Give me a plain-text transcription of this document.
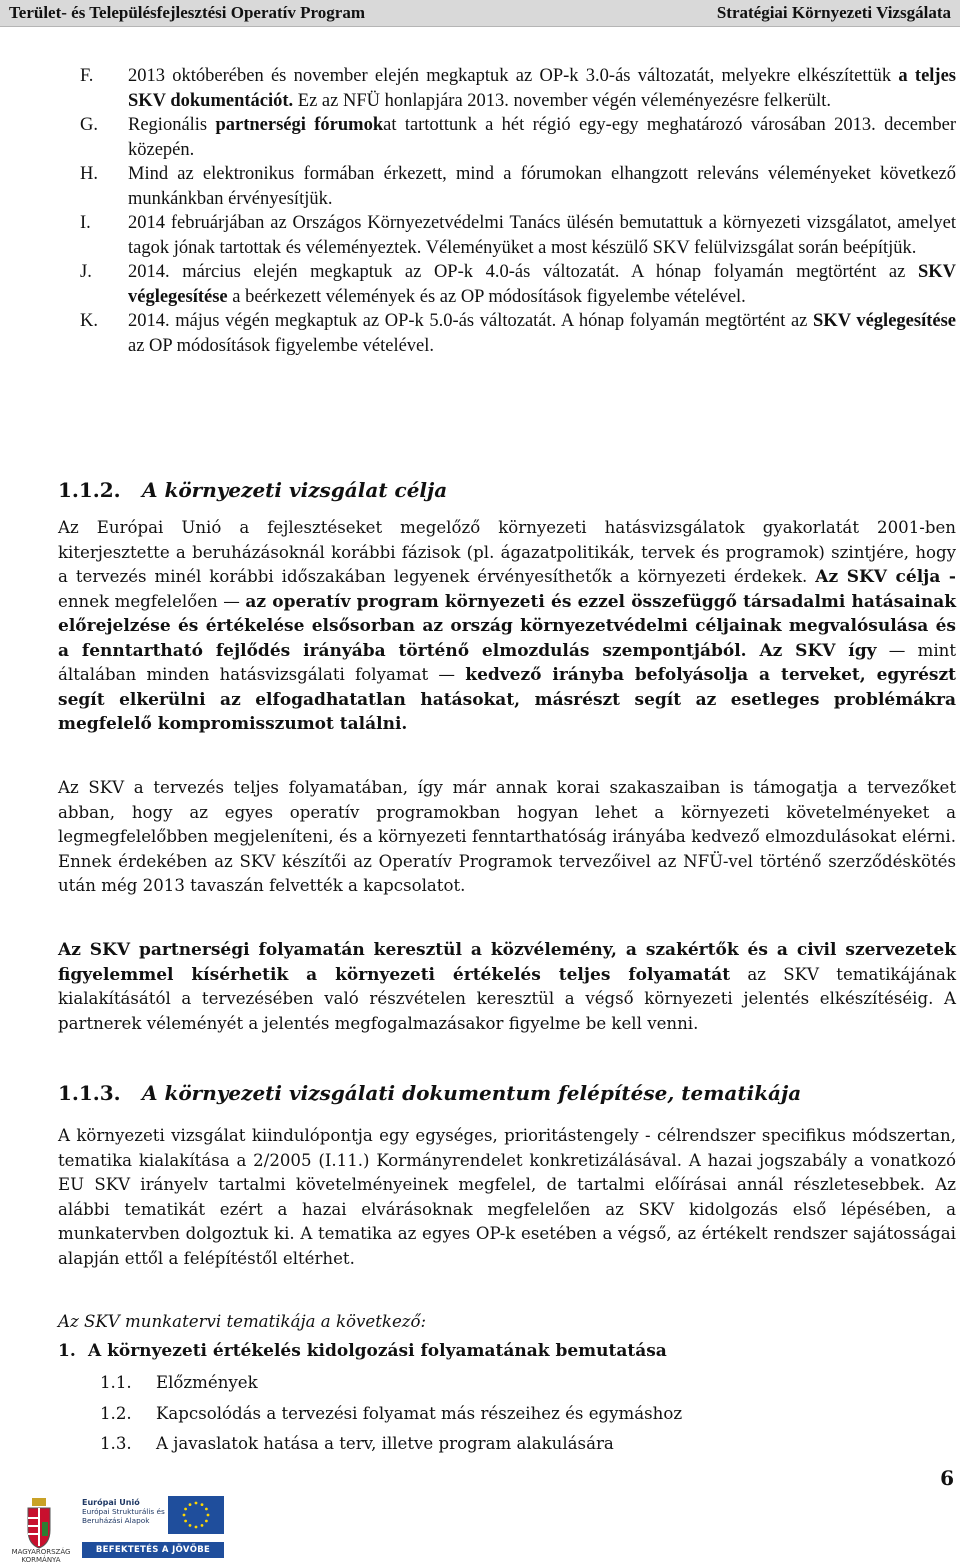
Terület- és Településfejlesztési Operatív Program	Stratégiai Környezeti Vizsgálata
F. 2013 októberében és november elején megkaptuk az OP-k 3.0-ás változatát, melyekre elkészítettük a teljes SKV dokumentációt. Ez az NFÜ honlapjára 2013. november végén véleményezésre felkerült.
G. Regionális partnerségi fórumokat tartottunk a hét régió egy-egy meghatározó városában 2013. december közepén.
H. Mind az elektronikus formában érkezett, mind a fórumokan elhangzott releváns véleményeket következő munkánkban érvényesítjük.
I. 2014 februárjában az Országos Környezetvédelmi Tanács ülésén bemutattuk a környezeti vizsgálatot, amelyet tagok jónak tartottak és véleményeztek. Véleményüket a most készülő SKV felülvizsgálat során beépítjük.
J. 2014. március elején megkaptuk az OP-k 4.0-ás változatát. A hónap folyamán megtörtént az SKV véglegesítése a beérkezett vélemények és az OP módosítások figyelembe vételével.
K. 2014. május végén megkaptuk az OP-k 5.0-ás változatát. A hónap folyamán megtörtént az SKV véglegesítése az OP módosítások figyelembe vételével.
1.1.2. A környezeti vizsgálat célja
Az Európai Unió a fejlesztéseket megelőző környezeti hatásvizsgálatok gyakorlatát 2001-ben kiterjesztette a beruházásoknál korábbi fázisok (pl. ágazatpolitikák, tervek és programok) szintjére, hogy a tervezés minél korábbi időszakában legyenek érvényesíthetők a környezeti érdekek. Az SKV célja - ennek megfelelően — az operatív program környezeti és ezzel összefüggő társadalmi hatásainak előrejelzése és értékelése elsősorban az ország környezetvédelmi céljainak megvalósulása és a fenntartható fejlődés irányába történő elmozdulás szempontjából. Az SKV így — mint általában minden hatásvizsgálati folyamat — kedvező irányba befolyásolja a terveket, egyrészt segít elkerülni az elfogadhatatlan hatásokat, másrészt segít az esetleges problémákra megfelelő kompromisszumot találni.
Az SKV a tervezés teljes folyamatában, így már annak korai szakaszaiban is támogatja a tervezőket abban, hogy az egyes operatív programokban hogyan lehet a környezeti követelményeket a legmegfelelőbben megjeleníteni, és a környezeti fenntarthatóság irányába kedvező elmozdulásokat elérni. Ennek érdekében az SKV készítői az Operatív Programok tervezőivel az NFÜ-vel történő szerződéskötés után még 2013 tavaszán felvették a kapcsolatot.
Az SKV partnerségi folyamatán keresztül a közvélemény, a szakértők és a civil szervezetek figyelemmel kísérhetik a környezeti értékelés teljes folyamatát az SKV tematikájának kialakításától a tervezésében való részvételen keresztül a végső környezeti jelentés elkészítéséig. A partnerek véleményét a jelentés megfogalmazásakor figyelme be kell venni.
1.1.3. A környezeti vizsgálati dokumentum felépítése, tematikája
A környezeti vizsgálat kiindulópontja egy egységes, prioritástengely - célrendszer specifikus módszertan, tematika kialakítása a 2/2005 (I.11.) Kormányrendelet konkretizálásával. A hazai jogszabály a vonatkozó EU SKV irányelv tartalmi követelményeinek megfelel, de tartalmi előírásai annál részletesebbek. Az alábbi tematikát ezért a hazai elvárásoknak megfelelően az SKV kidolgozás első lépésében, a munkatervben dolgoztuk ki. A tematika az egyes OP-k esetében a végső, az értékelt rendszer sajátosságai alapján ettől a felépítéstől eltérhet.
Az SKV munkatervi tematikája a következő:
1. A környezeti értékelés kidolgozási folyamatának bemutatása
1.1. Előzmények
1.2. Kapcsolódás a tervezési folyamat más részeihez és egymáshoz
1.3. A javaslatok hatása a terv, illetve program alakulására
6
MAGYARORSZÁG KORMÁNYA
Európai Unió
Európai Strukturális és Beruházási Alapok
BEFEKTETÉS A JÖVŐBE
